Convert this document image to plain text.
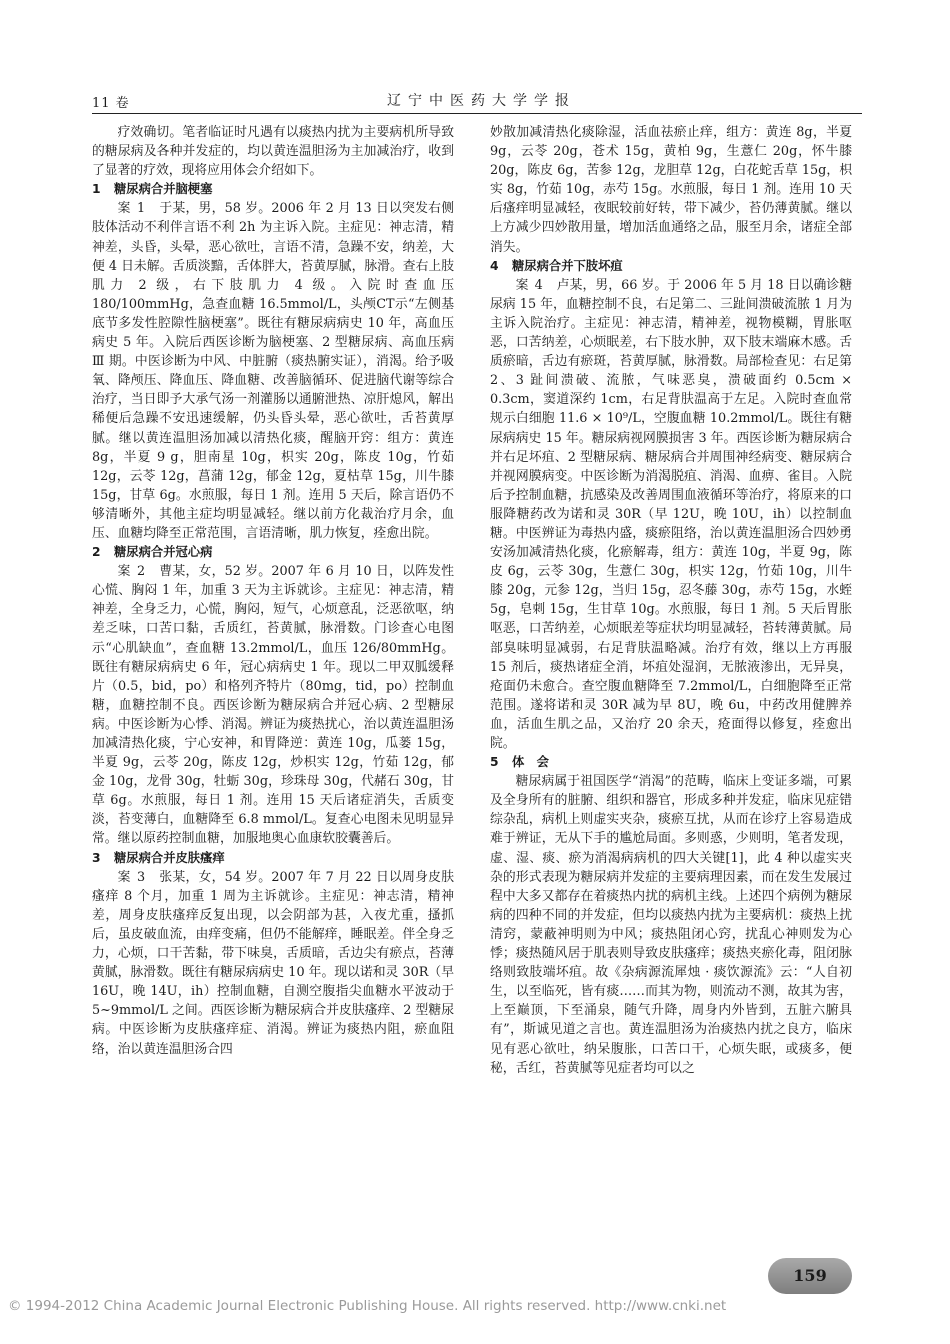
11 卷	辽宁中医药大学学报

疗效确切。笔者临证时凡遇有以痰热内扰为主要病机所导致的糖尿病及各种并发症的，均以黄连温胆汤为主加减治疗，收到了显著的疗效，现将应用体会介绍如下。

1 糖尿病合并脑梗塞

案 1　 于某，男，58 岁。2006 年 2 月 13 日以突发右侧肢体活动不利伴言语不利 2h 为主诉入院。主症见：神志清，精神差，头昏，头晕，恶心欲吐，言语不清，急躁不安，纳差，大便 4 日未解。舌质淡黯，舌体胖大，苔黄厚腻，脉滑。查右上肢肌力 2 级，右下肢肌力 4 级。入院时查血压 180/100mmHg，急查血糖 16.5mmol/L，头颅CT示“左侧基底节多发性腔隙性脑梗塞”。既往有糖尿病病史 10 年，高血压病史 5 年。入院后西医诊断为脑梗塞、2 型糖尿病、高血压病 Ⅲ 期。中医诊断为中风、中脏腑（痰热腑实证），消渴。给予吸氧、降颅压、降血压、降血糖、改善脑循环、促进脑代谢等综合治疗，当日即予大承气汤一剂灌肠以通腑泄热、凉肝熄风，解出稀便后急躁不安迅速缓解，仍头昏头晕，恶心欲吐，舌苔黄厚腻。继以黄连温胆汤加减以清热化痰，醒脑开窍：组方：黄连 8g，半夏 9 g，胆南星 10g，枳实 20g，陈皮 10g，竹茹 12g，云苓 12g，菖蒲 12g，郁金 12g，夏枯草 15g，川牛膝 15g，甘草 6g。水煎服，每日 1 剂。连用 5 天后，除言语仍不够清晰外，其他主症均明显减轻。继以前方化裁治疗月余，血压、血糖均降至正常范围，言语清晰，肌力恢复，痊愈出院。

2 糖尿病合并冠心病

案 2　 曹某，女，52 岁。2007 年 6 月 10 日，以阵发性心慌、胸闷 1 年，加重 3 天为主诉就诊。主症见：神志清，精神差，全身乏力，心慌，胸闷，短气，心烦意乱，泛恶欲呕，纳差乏味，口苦口黏，舌质红，苔黄腻，脉滑数。门诊查心电图示“心肌缺血”，查血糖 13.2mmol/L，血压 126/80mmHg。既往有糖尿病病史 6 年，冠心病病史 1 年。现以二甲双胍缓释片（0.5，bid，po）和格列齐特片（80mg，tid，po）控制血糖，血糖控制不良。西医诊断为糖尿病合并冠心病、2 型糖尿病。中医诊断为心悸、消渴。辨证为痰热扰心，治以黄连温胆汤加减清热化痰，宁心安神，和胃降逆：黄连 10g，瓜蒌 15g，半夏 9g，云苓 20g，陈皮 12g，炒枳实 12g，竹茹 12g，郁金 10g，龙骨 30g，牡蛎 30g，珍珠母 30g，代赭石 30g，甘草 6g。水煎服，每日 1 剂。连用 15 天后诸症消失，舌质变淡，苔变薄白，血糖降至 6.8 mmol/L。复查心电图未见明显异常。继以原药控制血糖，加服地奥心血康软胶囊善后。

3 糖尿病合并皮肤瘙痒

案 3　 张某，女，54 岁。2007 年 7 月 22 日以周身皮肤瘙痒 8 个月，加重 1 周为主诉就诊。主症见：神志清，精神差，周身皮肤瘙痒反复出现，以会阴部为甚，入夜尤重，搔抓后，虽皮破血流，由痒变痛，但仍不能解痒，睡眠差。伴全身乏力，心烦，口干苦黏，带下味臭，舌质暗，舌边尖有瘀点，苔薄黄腻，脉滑数。既往有糖尿病病史 10 年。现以诺和灵 30R（早 16U，晚 14U，ih）控制血糖，自测空腹指尖血糖水平波动于 5~9mmol/L 之间。西医诊断为糖尿病合并皮肤瘙痒、2 型糖尿病。中医诊断为皮肤瘙痒症、消渴。辨证为痰热内阻，瘀血阻络，治以黄连温胆汤合四

妙散加减清热化痰除湿，活血祛瘀止痒，组方：黄连 8g，半夏 9g，云苓 20g，苍术 15g，黄柏 9g，生薏仁 20g，怀牛膝 20g，陈皮 6g，苦参 12g，龙胆草 12g，白花蛇舌草 15g，枳实 8g，竹茹 10g，赤芍 15g。水煎服，每日 1 剂。连用 10 天后瘙痒明显减轻，夜眠较前好转，带下减少，苔仍薄黄腻。继以上方减少四妙散用量，增加活血通络之品，服至月余，诸症全部消失。

4 糖尿病合并下肢坏疽

案 4　 卢某，男，66 岁。于 2006 年 5 月 18 日以确诊糖尿病 15 年，血糖控制不良，右足第二、三趾间溃破流脓 1 月为主诉入院治疗。主症见：神志清，精神差，视物模糊，胃胀呕恶，口苦纳差，心烦眠差，右下肢水肿，双下肢末端麻木感。舌质瘀暗，舌边有瘀斑，苔黄厚腻，脉滑数。局部检查见：右足第 2、3 趾间溃破、流脓，气味恶臭，溃破面约 0.5cm × 0.3cm，窦道深约 1cm，右足背肤温高于左足。入院时查血常规示白细胞 11.6 × 10⁹/L，空腹血糖 10.2mmol/L。既往有糖尿病病史 15 年。糖尿病视网膜损害 3 年。西医诊断为糖尿病合并右足坏疽、2 型糖尿病、糖尿病合并周围神经病变、糖尿病合并视网膜病变。中医诊断为消渴脱疽、消渴、血痹、雀目。入院后予控制血糖，抗感染及改善周围血液循环等治疗，将原来的口服降糖药改为诺和灵 30R（早 12U，晚 10U，ih）以控制血糖。中医辨证为毒热内盛，痰瘀阻络，治以黄连温胆汤合四妙勇安汤加减清热化痰，化瘀解毒，组方：黄连 10g，半夏 9g，陈皮 6g，云苓 30g，生薏仁 30g，枳实 12g，竹茹 10g，川牛膝 20g，元参 12g，当归 15g，忍冬藤 30g，赤芍 15g，水蛭 5g，皂刺 15g，生甘草 10g。水煎服，每日 1 剂。5 天后胃胀呕恶，口苦纳差，心烦眠差等症状均明显减轻，苔转薄黄腻。局部臭味明显减弱，右足背肤温略减。治疗有效，继以上方再服 15 剂后，痰热诸症全消，坏疽处湿润，无脓液渗出，无异臭，疮面仍未愈合。查空腹血糖降至 7.2mmol/L，白细胞降至正常范围。遂将诺和灵 30R 减为早 8U，晚 6u，中药改用健脾养血，活血生肌之品，又治疗 20 余天，疮面得以修复，痊愈出院。

5 体　会

糖尿病属于祖国医学“消渴”的范畴，临床上变证多端，可累及全身所有的脏腑、组织和器官，形成多种并发症，临床见症错综杂乱，病机上则虚实夹杂，痰瘀互扰，从而在诊疗上容易造成难于辨证，无从下手的尴尬局面。多则惑，少则明，笔者发现，虚、湿、痰、瘀为消渴病病机的四大关键[1]，此 4 种以虚实夹杂的形式表现为糖尿病并发症的主要病理因素，而在发生发展过程中大多又都存在着痰热内扰的病机主线。上述四个病例为糖尿病的四种不同的并发症，但均以痰热内扰为主要病机：痰热上扰清窍，蒙蔽神明则为中风；痰热阻闭心窍，扰乱心神则发为心悸；痰热随风居于肌表则导致皮肤瘙痒；痰热夹瘀化毒，阻闭脉络则致肢端坏疽。故《杂病源流犀烛 · 痰饮源流》云：“人自初生，以至临死，皆有痰……而其为物，则流动不测，故其为害，上至巅顶，下至涌泉，随气升降，周身内外皆到，五脏六腑具有”，斯诚见道之言也。黄连温胆汤为治痰热内扰之良方，临床见有恶心欲吐，纳呆腹胀，口苦口干，心烦失眠，或痰多，便秘，舌红，苔黄腻等见症者均可以之

159
© 1994-2012 China Academic Journal Electronic Publishing House. All rights reserved. http://www.cnki.net
